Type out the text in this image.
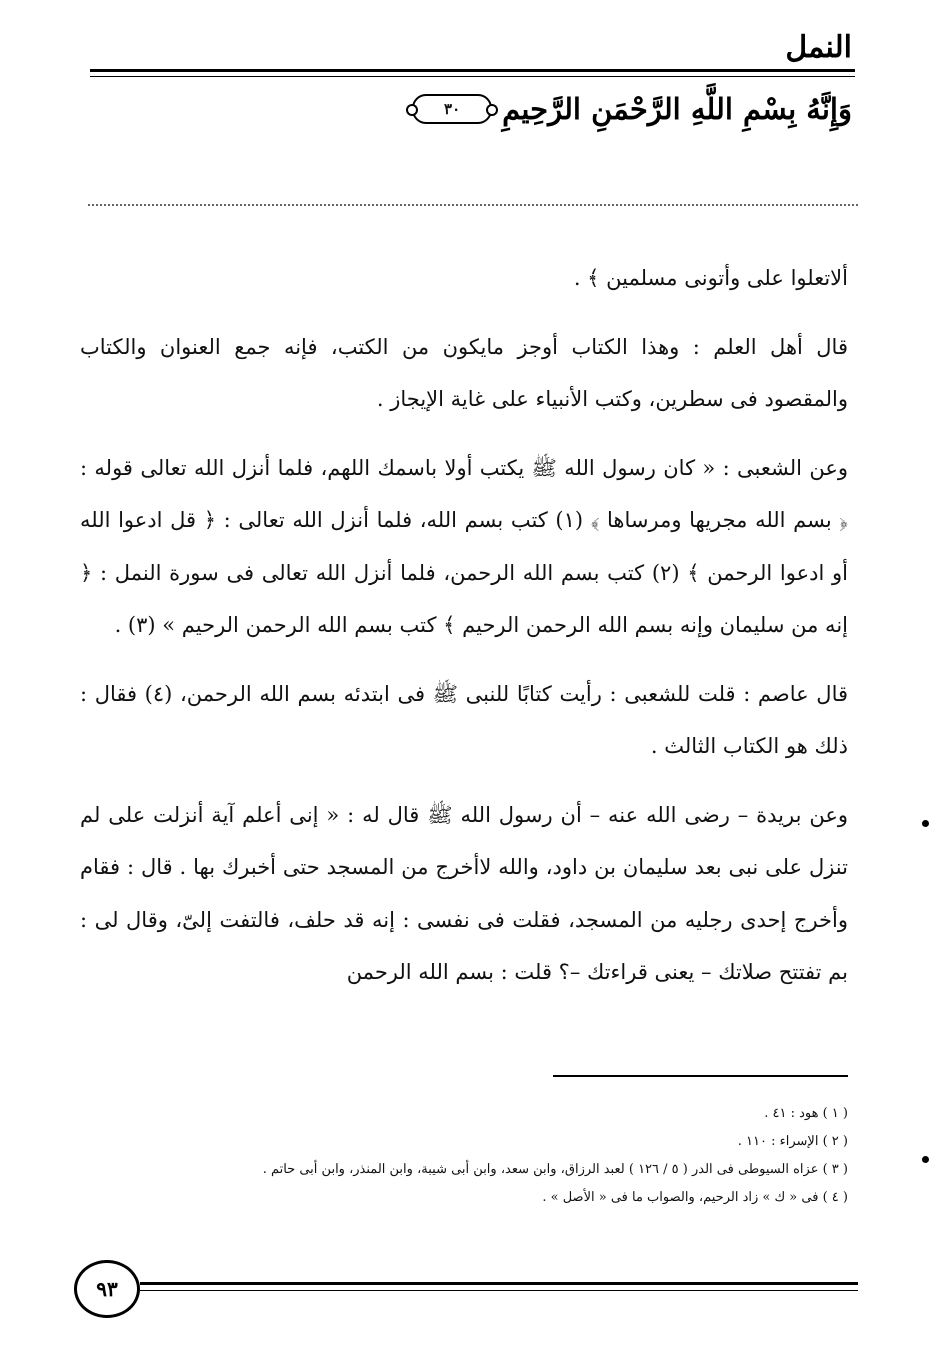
النمل
وَإِنَّهُ بِسْمِ اللَّهِ الرَّحْمَنِ الرَّحِيمِ
٣٠

ألاتعلوا على وأتونى مسلمين ﴾ .

قال أهل العلم : وهذا الكتاب أوجز مايكون من الكتب، فإنه جمع العنوان والكتاب والمقصود فى سطرين، وكتب الأنبياء على غاية الإيجاز .

وعن الشعبى : « كان رسول الله ﷺ يكتب أولا باسمك اللهم، فلما أنزل الله تعالى قوله : ﴿ بسم الله مجريها ومرساها ﴾ (١) كتب بسم الله، فلما أنزل الله تعالى : ﴿ قل ادعوا الله أو ادعوا الرحمن ﴾ (٢) كتب بسم الله الرحمن، فلما أنزل الله تعالى فى سورة النمل : ﴿ إنه من سليمان وإنه بسم الله الرحمن الرحيم ﴾ كتب بسم الله الرحمن الرحيم » (٣) .

قال عاصم : قلت للشعبى : رأيت كتابًا للنبى ﷺ فى ابتدئه بسم الله الرحمن، (٤) فقال : ذلك هو الكتاب الثالث .

وعن بريدة – رضى الله عنه – أن رسول الله ﷺ قال له : « إنى أعلم آية أنزلت على لم تنزل على نبى بعد سليمان بن داود، والله لاأخرج من المسجد حتى أخبرك بها . قال : فقام وأخرج إحدى رجليه من المسجد، فقلت فى نفسى : إنه قد حلف، فالتفت إلىّ، وقال لى : بم تفتتح صلاتك – يعنى قراءتك –؟ قلت : بسم الله الرحمن

( ١ ) هود : ٤١ .
( ٢ ) الإسراء : ١١٠ .
( ٣ ) عزاه السيوطى فى الدر ( ٥ / ١٢٦ ) لعبد الرزاق، وابن سعد، وابن أبى شيبة، وابن المنذر، وابن أبى حاتم .
( ٤ ) فى « ك » زاد الرحيم، والصواب ما فى « الأصل » .
٩٣
